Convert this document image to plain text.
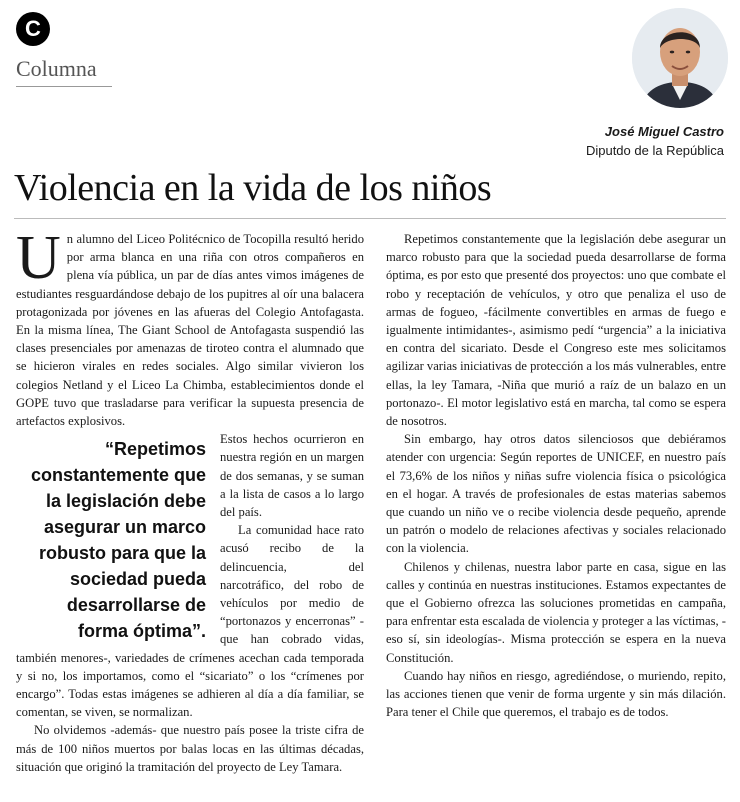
C
Columna
José Miguel Castro
Diputdo de la República
Violencia en la vida de los niños

Un alumno del Liceo Politécnico de Tocopilla resultó herido por arma blanca en una riña con otros compañeros en plena vía pública, un par de días antes vimos imágenes de estudiantes resguardándose debajo de los pupitres al oír una balacera protagonizada por jóvenes en las afueras del Colegio Antofagasta. En la misma línea, The Giant School de Antofagasta suspendió las clases presenciales por amenazas de tiroteo contra el alumnado que se hicieron virales en redes sociales. Algo similar vivieron los colegios Netland y el Liceo La Chimba, establecimientos donde el GOPE tuvo que trasladarse para verificar la supuesta presencia de artefactos explosivos.

“Repetimos constantemente que la legislación debe asegurar un marco robusto para que la sociedad pueda desarrollarse de forma óptima”.

Estos hechos ocurrieron en nuestra región en un margen de dos semanas, y se suman a la lista de casos a lo largo del país.

La comunidad hace rato acusó recibo de la delincuencia, del narcotráfico, del robo de vehículos por medio de “portonazos y encerronas” -que han cobrado vidas, también menores-, variedades de crímenes acechan cada temporada y si no, los importamos, como el “sicariato” o los “crímenes por encargo”. Todas estas imágenes se adhieren al día a día familiar, se comentan, se viven, se normalizan.

No olvidemos -además- que nuestro país posee la triste cifra de más de 100 niños muertos por balas locas en las últimas décadas, situación que originó la tramitación del proyecto de Ley Tamara.

Repetimos constantemente que la legislación debe asegurar un marco robusto para que la sociedad pueda desarrollarse de forma óptima, es por esto que presenté dos proyectos: uno que combate el robo y receptación de vehículos, y otro que penaliza el uso de armas de fogueo, -fácilmente convertibles en armas de fuego e igualmente intimidantes-, asimismo pedí “urgencia” a la iniciativa en contra del sicariato. Desde el Congreso este mes solicitamos agilizar varias iniciativas de protección a los más vulnerables, entre ellas, la ley Tamara, -Niña que murió a raíz de un balazo en un portonazo-. El motor legislativo está en marcha, tal como se espera de nosotros.

Sin embargo, hay otros datos silenciosos que debiéramos atender con urgencia: Según reportes de UNICEF, en nuestro país el 73,6% de los niños y niñas sufre violencia física o psicológica en el hogar. A través de profesionales de estas materias sabemos que cuando un niño ve o recibe violencia desde pequeño, aprende un patrón o modelo de relaciones afectivas y sociales relacionado con la violencia.

Chilenos y chilenas, nuestra labor parte en casa, sigue en las calles y continúa en nuestras instituciones. Estamos expectantes de que el Gobierno ofrezca las soluciones prometidas en campaña, para enfrentar esta escalada de violencia y proteger a las víctimas, -eso sí, sin ideologías-. Misma protección se espera en la nueva Constitución.

Cuando hay niños en riesgo, agrediéndose, o muriendo, repito, las acciones tienen que venir de forma urgente y sin más dilación. Para tener el Chile que queremos, el trabajo es de todos.
